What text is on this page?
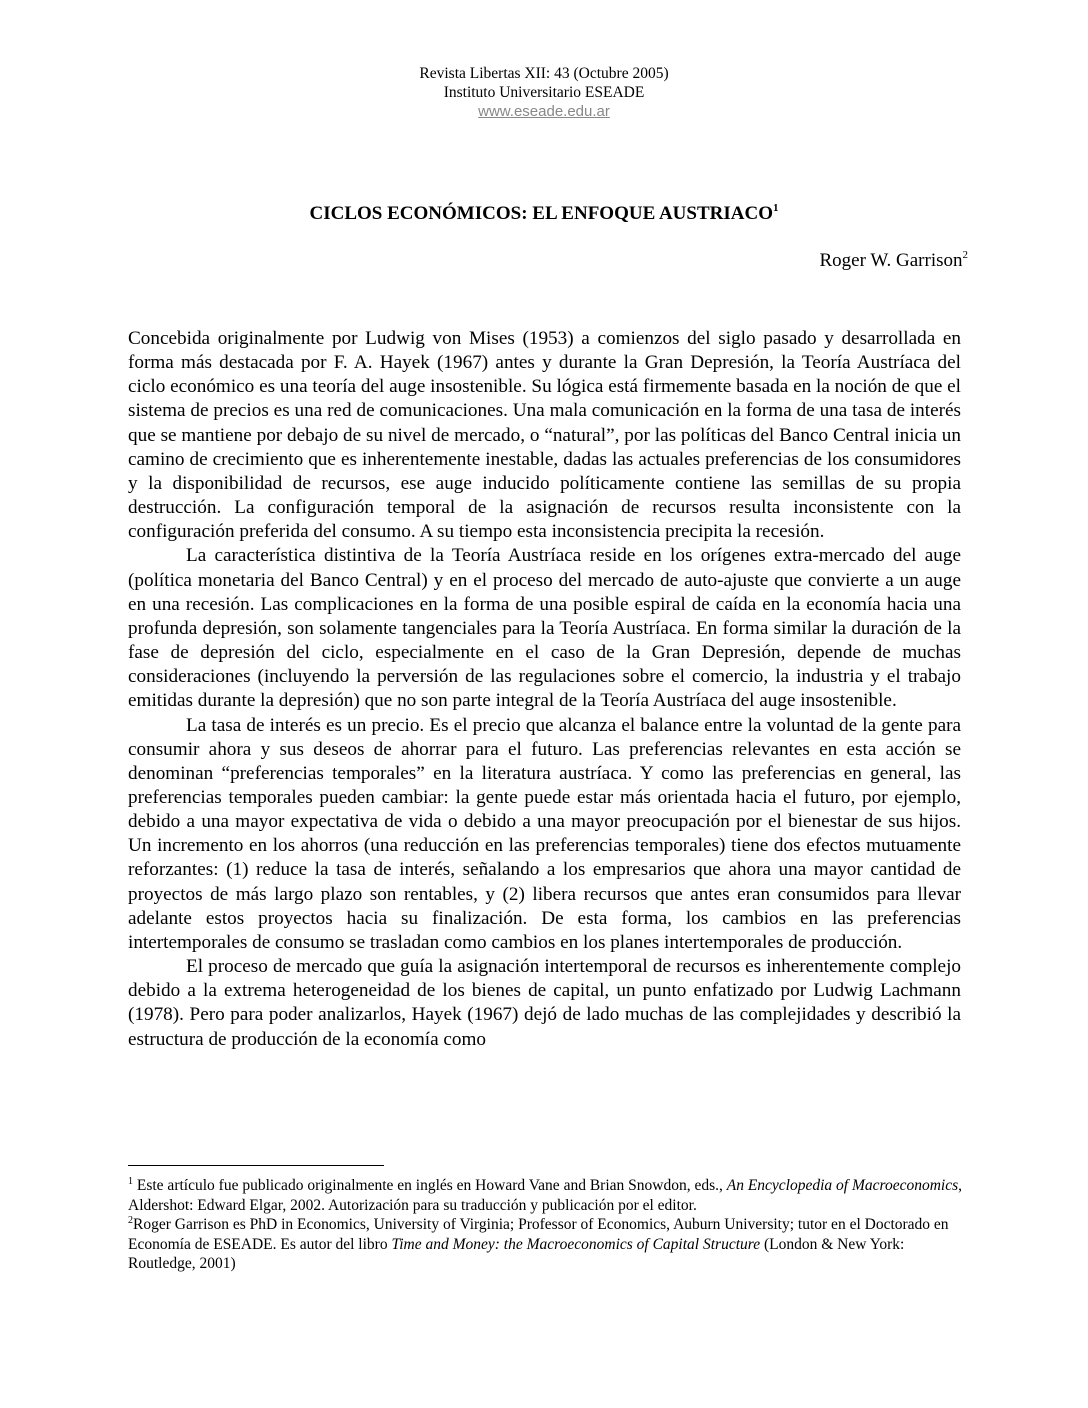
Revista Libertas XII: 43 (Octubre 2005)
Instituto Universitario ESEADE
www.eseade.edu.ar
CICLOS ECONÓMICOS: EL ENFOQUE AUSTRIACO$^1$
Roger W. Garrison$^2$

Concebida originalmente por Ludwig von Mises (1953) a comienzos del siglo pasado y desarrollada en forma más destacada por F. A. Hayek (1967) antes y durante la Gran Depresión, la Teoría Austríaca del ciclo económico es una teoría del auge insostenible. Su lógica está firmemente basada en la noción de que el sistema de precios es una red de comunicaciones. Una mala comunicación en la forma de una tasa de interés que se mantiene por debajo de su nivel de mercado, o “natural”, por las políticas del Banco Central inicia un camino de crecimiento que es inherentemente inestable, dadas las actuales preferencias de los consumidores y la disponibilidad de recursos, ese auge inducido políticamente contiene las semillas de su propia destrucción. La configuración temporal de la asignación de recursos resulta inconsistente con la configuración preferida del consumo. A su tiempo esta inconsistencia precipita la recesión.

La característica distintiva de la Teoría Austríaca reside en los orígenes extra-mercado del auge (política monetaria del Banco Central) y en el proceso del mercado de auto-ajuste que convierte a un auge en una recesión. Las complicaciones en la forma de una posible espiral de caída en la economía hacia una profunda depresión, son solamente tangenciales para la Teoría Austríaca. En forma similar la duración de la fase de depresión del ciclo, especialmente en el caso de la Gran Depresión, depende de muchas consideraciones (incluyendo la perversión de las regulaciones sobre el comercio, la industria y el trabajo emitidas durante la depresión) que no son parte integral de la Teoría Austríaca del auge insostenible.

La tasa de interés es un precio. Es el precio que alcanza el balance entre la voluntad de la gente para consumir ahora y sus deseos de ahorrar para el futuro. Las preferencias relevantes en esta acción se denominan “preferencias temporales” en la literatura austríaca. Y como las preferencias en general, las preferencias temporales pueden cambiar: la gente puede estar más orientada hacia el futuro, por ejemplo, debido a una mayor expectativa de vida o debido a una mayor preocupación por el bienestar de sus hijos. Un incremento en los ahorros (una reducción en las preferencias temporales) tiene dos efectos mutuamente reforzantes: (1) reduce la tasa de interés, señalando a los empresarios que ahora una mayor cantidad de proyectos de más largo plazo son rentables, y (2) libera recursos que antes eran consumidos para llevar adelante estos proyectos hacia su finalización. De esta forma, los cambios en las preferencias intertemporales de consumo se trasladan como cambios en los planes intertemporales de producción.

El proceso de mercado que guía la asignación intertemporal de recursos es inherentemente complejo debido a la extrema heterogeneidad de los bienes de capital, un punto enfatizado por Ludwig Lachmann (1978). Pero para poder analizarlos, Hayek (1967) dejó de lado muchas de las complejidades y describió la estructura de producción de la economía como

$^1$ Este artículo fue publicado originalmente en inglés en Howard Vane and Brian Snowdon, eds., An Encyclopedia of Macroeconomics, Aldershot: Edward Elgar, 2002. Autorización para su traducción y publicación por el editor.

$^2$Roger Garrison es PhD in Economics, University of Virginia; Professor of Economics, Auburn University; tutor en el Doctorado en Economía de ESEADE. Es autor del libro Time and Money: the Macroeconomics of Capital Structure (London & New York: Routledge, 2001)
